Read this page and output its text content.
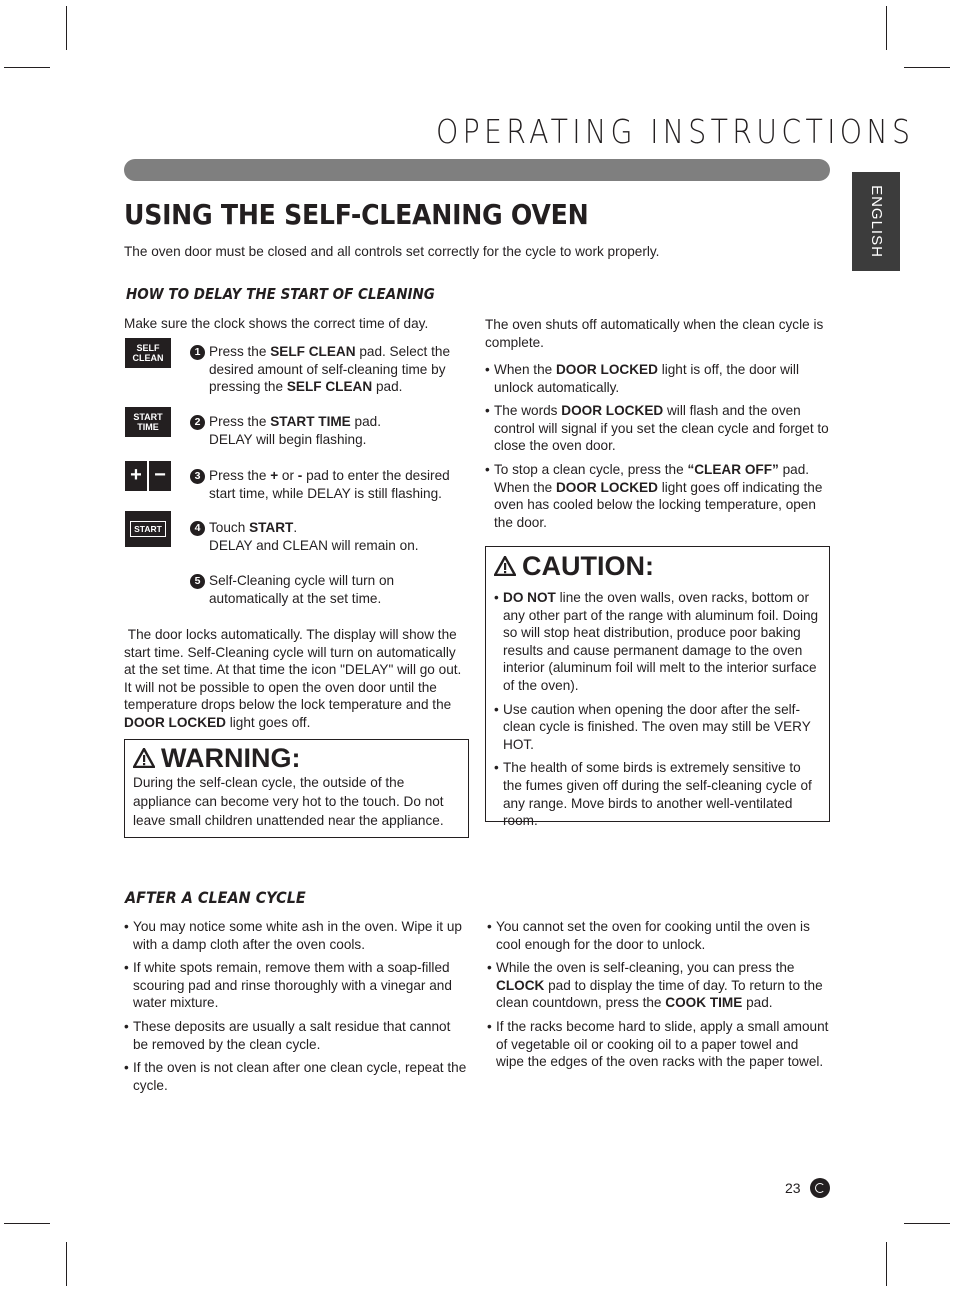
OPERATING INSTRUCTIONS
ENGLISH
USING THE SELF-CLEANING OVEN
The oven door must be closed and all controls set correctly for the cycle to work properly.
HOW TO DELAY THE START OF CLEANING
Make sure the clock shows the correct time of day.
SELF
CLEAN
START
TIME
+ −
START
1 Press the SELF CLEAN pad. Select the desired amount of self-cleaning time by pressing the SELF CLEAN pad.
2 Press the START TIME pad.
DELAY will begin flashing.
3 Press the + or - pad to enter the desired start time, while DELAY is still flashing.
4 Touch START.
DELAY and CLEAN will remain on.
5 Self-Cleaning cycle will turn on automatically at the set time.
The door locks automatically. The display will show the start time. Self-Cleaning cycle will turn on automatically at the set time. At that time the icon "DELAY" will go out. It will not be possible to open the oven door until the temperature drops below the lock temperature and the DOOR LOCKED light goes off.
WARNING:
During the self-clean cycle, the outside of the appliance can become very hot to the touch. Do not leave small children unattended near the appliance.
The oven shuts off automatically when the clean cycle is complete.
• When the DOOR LOCKED light is off, the door will unlock automatically.
• The words DOOR LOCKED will flash and the oven control will signal if you set the clean cycle and forget to close the oven door.
• To stop a clean cycle, press the “CLEAR OFF” pad. When the DOOR LOCKED light goes off indicating the oven has cooled below the locking temperature, open the door.
CAUTION:
• DO NOT line the oven walls, oven racks, bottom or any other part of the range with aluminum foil. Doing so will stop heat distribution, produce poor baking results and cause permanent damage to the oven interior (aluminum foil will melt to the interior surface of the oven).
• Use caution when opening the door after the self-clean cycle is finished. The oven may still be VERY HOT.
• The health of some birds is extremely sensitive to the fumes given off during the self-cleaning cycle of any range. Move birds to another well-ventilated room.
AFTER A CLEAN CYCLE
• You may notice some white ash in the oven. Wipe it up with a damp cloth after the oven cools.
• If white spots remain, remove them with a soap-filled scouring pad and rinse thoroughly with a vinegar and water mixture.
• These deposits are usually a salt residue that cannot be removed by the clean cycle.
• If the oven is not clean after one clean cycle, repeat the cycle.
• You cannot set the oven for cooking until the oven is cool enough for the door to unlock.
• While the oven is self-cleaning, you can press the CLOCK pad to display the time of day. To return to the clean countdown, press the COOK TIME pad.
• If the racks become hard to slide, apply a small amount of vegetable oil or cooking oil to a paper towel and wipe the edges of the oven racks with the paper towel.
23
